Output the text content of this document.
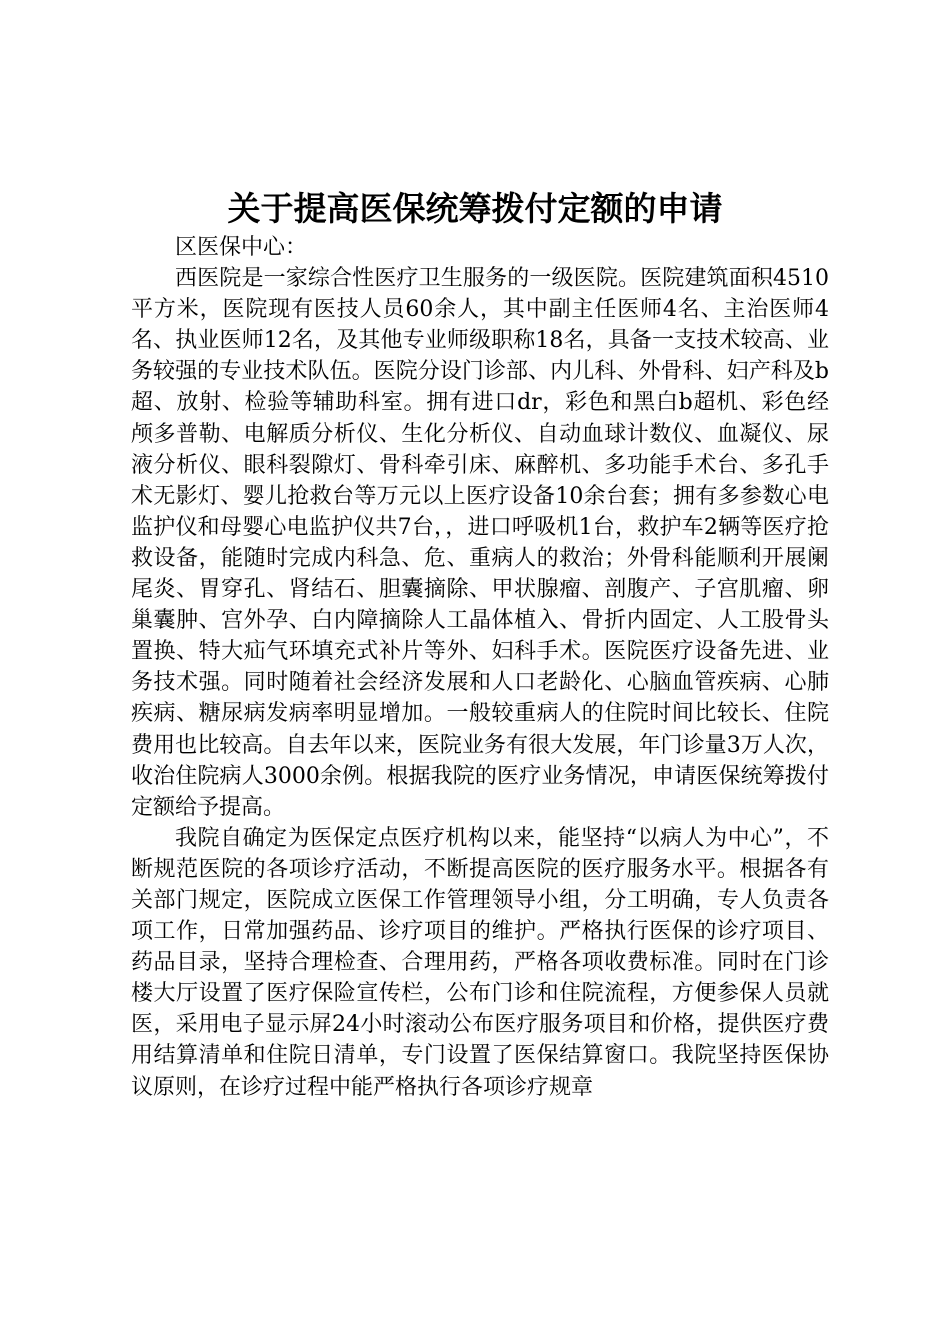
关于提高医保统筹拨付定额的申请

区医保中心：

西医院是一家综合性医疗卫生服务的一级医院。医院建筑面积4510平方米，医院现有医技人员60余人，其中副主任医师4名、主治医师4名、执业医师12名，及其他专业师级职称18名，具备一支技术较高、业务较强的专业技术队伍。医院分设门诊部、内儿科、外骨科、妇产科及b超、放射、检验等辅助科室。拥有进口dr，彩色和黑白b超机、彩色经颅多普勒、电解质分析仪、生化分析仪、自动血球计数仪、血凝仪、尿液分析仪、眼科裂隙灯、骨科牵引床、麻醉机、多功能手术台、多孔手术无影灯、婴儿抢救台等万元以上医疗设备10余台套；拥有多参数心电监护仪和母婴心电监护仪共7台，，进口呼吸机1台，救护车2辆等医疗抢救设备，能随时完成内科急、危、重病人的救治；外骨科能顺利开展阑尾炎、胃穿孔、肾结石、胆囊摘除、甲状腺瘤、剖腹产、子宫肌瘤、卵巢囊肿、宫外孕、白内障摘除人工晶体植入、骨折内固定、人工股骨头置换、特大疝气环填充式补片等外、妇科手术。医院医疗设备先进、业务技术强。同时随着社会经济发展和人口老龄化、心脑血管疾病、心肺疾病、糖尿病发病率明显增加。一般较重病人的住院时间比较长、住院费用也比较高。自去年以来，医院业务有很大发展，年门诊量3万人次，收治住院病人3000余例。根据我院的医疗业务情况，申请医保统筹拨付定额给予提高。

我院自确定为医保定点医疗机构以来，能坚持“以病人为中心”，不断规范医院的各项诊疗活动，不断提高医院的医疗服务水平。根据各有关部门规定，医院成立医保工作管理领导小组，分工明确，专人负责各项工作，日常加强药品、诊疗项目的维护。严格执行医保的诊疗项目、药品目录，坚持合理检查、合理用药，严格各项收费标准。同时在门诊楼大厅设置了医疗保险宣传栏，公布门诊和住院流程，方便参保人员就医，采用电子显示屏24小时滚动公布医疗服务项目和价格，提供医疗费用结算清单和住院日清单，专门设置了医保结算窗口。我院坚持医保协议原则，在诊疗过程中能严格执行各项诊疗规章
